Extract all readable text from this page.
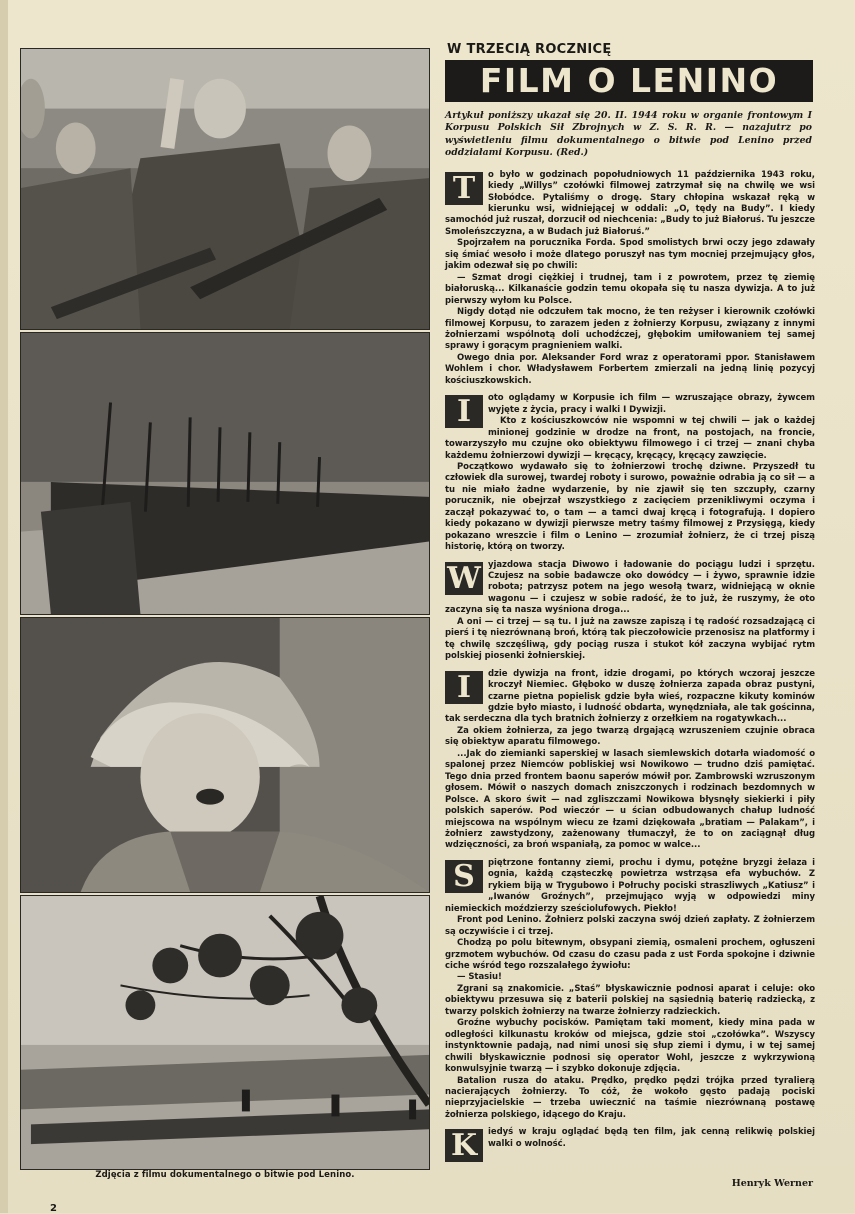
Zdjęcia z filmu dokumentalnego o bitwie pod Lenino.
W TRZECIĄ ROCZNICĘ
FILM O LENINO
Artykuł poniższy ukazał się 20. II. 1944 roku w organie frontowym I Korpusu Polskich Sił Zbrojnych w Z. S. R. R. — nazajutrz po wyświetleniu filmu dokumentalnego o bitwie pod Lenino przed oddziałami Korpusu. (Red.)
T	o było w godzinach popołudniowych 11 października 1943 roku, kiedy „Willys” czołówki filmowej zatrzymał się na chwilę we wsi Słobódce. Pytaliśmy o drogę. Stary chłopina wskazał ręką w kierunku wsi, widniejącej w oddali: „O, tędy na Budy”. I kiedy samochód już ruszał, dorzucił od niechcenia: „Budy to już Białoruś. Tu jeszcze Smoleńszczyzna, a w Budach już Białoruś.”

Spojrzałem na porucznika Forda. Spod smolistych brwi oczy jego zdawały się śmiać wesoło i może dlatego poruszył nas tym mocniej przejmujący głos, jakim odezwał się po chwili:

— Szmat drogi ciężkiej i trudnej, tam i z powrotem, przez tę ziemię białoruską... Kilkanaście godzin temu okopała się tu nasza dywizja. A to już pierwszy wyłom ku Polsce.

Nigdy dotąd nie odczułem tak mocno, że ten reżyser i kierownik czołówki filmowej Korpusu, to zarazem jeden z żołnierzy Korpusu, związany z innymi żołnierzami wspólnotą doli uchodźczej, głębokim umiłowaniem tej samej sprawy i gorącym pragnieniem walki.

Owego dnia por. Aleksander Ford wraz z operatorami ppor. Stanisławem Wohlem i chor. Władysławem Forbertem zmierzali na jedną linię pozycyj kościuszkowskich.

I	oto oglądamy w Korpusie ich film — wzruszające obrazy, żywcem wyjęte z życia, pracy i walki I Dywizji.

Kto z kościuszkowców nie wspomni w tej chwili — jak o każdej minionej godzinie w drodze na front, na postojach, na froncie, towarzyszyło mu czujne oko obiektywu filmowego i ci trzej — znani chyba każdemu żołnierzowi dywizji — kręcący, kręcący, kręcący zawzięcie.

Początkowo wydawało się to żołnierzowi trochę dziwne. Przyszedł tu człowiek dla surowej, twardej roboty i surowo, poważnie odrabia ją co sił — a tu nie miało żadne wydarzenie, by nie zjawił się ten szczupły, czarny porucznik, nie obejrzał wszystkiego z zacięciem przenikliwymi oczyma i zaczął pokazywać to, o tam — a tamci dwaj kręcą i fotografują. I dopiero kiedy pokazano w dywizji pierwsze metry taśmy filmowej z Przysięgą, kiedy pokazano wreszcie i film o Lenino — zrozumiał żołnierz, że ci trzej piszą historię, którą on tworzy.

W yjazdowa stacja Diwowo i ładowanie do pociągu ludzi i sprzętu. Czujesz na sobie badawcze oko dowódcy — i żywo, sprawnie idzie robota; patrzysz potem na jego wesołą twarz, widniejącą w oknie wagonu — i czujesz w sobie radość, że to już, że ruszymy, że oto zaczyna się ta nasza wyśniona droga...

A oni — ci trzej — są tu. I już na zawsze zapiszą i tę radość rozsadzającą ci pierś i tę niezrównaną broń, którą tak pieczołowicie przenosisz na platformy i tę chwilę szczęśliwą, gdy pociąg rusza i stukot kół zaczyna wybijać rytm polskiej piosenki żołnierskiej.

I	dzie dywizja na front, idzie drogami, po których wczoraj jeszcze kroczył Niemiec. Głęboko w duszę żołnierza zapada obraz pustyni, czarne pietna popielisk gdzie była wieś, rozpaczne kikuty kominów gdzie było miasto, i ludność obdarta, wynędzniała, ale tak gościnna, tak serdeczna dla tych bratnich żołnierzy z orzełkiem na rogatywkach...

Za okiem żołnierza, za jego twarzą drgającą wzruszeniem czujnie obraca się obiektyw aparatu filmowego.

...Jak do ziemianki saperskiej w lasach siemlewskich dotarła wiadomość o spalonej przez Niemców pobliskiej wsi Nowikowo — trudno dziś pamiętać. Tego dnia przed frontem baonu saperów mówił por. Zambrowski wzruszonym głosem. Mówił o naszych domach zniszczonych i rodzinach bezdomnych w Polsce. A skoro świt — nad zgliszczami Nowikowa błysnęły siekierki i piły polskich saperów. Pod wieczór — u ścian odbudowanych chałup ludność miejscowa na wspólnym wiecu ze łzami dziękowała „bratiam — Palakam”, i żołnierz zawstydzony, zażenowany tłumaczył, że to on zaciągnął dług wdzięczności, za broń wspaniałą, za pomoc w walce...

S	piętrzone fontanny ziemi, prochu i dymu, potężne bryzgi żelaza i ognia, każdą cząsteczkę powietrza wstrząsa efa wybuchów. Z rykiem biją w Trygubowo i Połruchy pociski straszliwych „Katiusz” i „Iwanów Groźnych”, przejmująco wyją w odpowiedzi miny niemieckich moździerzy sześciolufowych. Piekło!

Front pod Lenino. Żołnierz polski zaczyna swój dzień zapłaty. Z żołnierzem są oczywiście i ci trzej.

Chodzą po polu bitewnym, obsypani ziemią, osmaleni prochem, ogłuszeni grzmotem wybuchów. Od czasu do czasu pada z ust Forda spokojne i dziwnie ciche wśród tego rozszalałego żywiołu:

— Stasiu!

Zgrani są znakomicie. „Staś” błyskawicznie podnosi aparat i celuje: oko obiektywu przesuwa się z baterii polskiej na sąsiednią baterię radziecką, z twarzy polskich żołnierzy na twarze żołnierzy radzieckich.

Groźne wybuchy pocisków. Pamiętam taki moment, kiedy mina pada w odległości kilkunastu kroków od miejsca, gdzie stoi „czołówka”. Wszyscy instynktownie padają, nad nimi unosi się słup ziemi i dymu, i w tej samej chwili błyskawicznie podnosi się operator Wohl, jeszcze z wykrzywioną konwulsyjnie twarzą — i szybko dokonuje zdjęcia.

Batalion rusza do ataku. Prędko, prędko pędzi trójka przed tyralierą nacierających żołnierzy. To cóż, że wokoło gęsto padają pociski nieprzyjacielskie — trzeba uwiecznić na taśmie niezrównaną postawę żołnierza polskiego, idącego do Kraju.

K	iedyś w kraju oglądać będą ten film, jak cenną relikwię polskiej walki o wolność.

Henryk Werner
2
